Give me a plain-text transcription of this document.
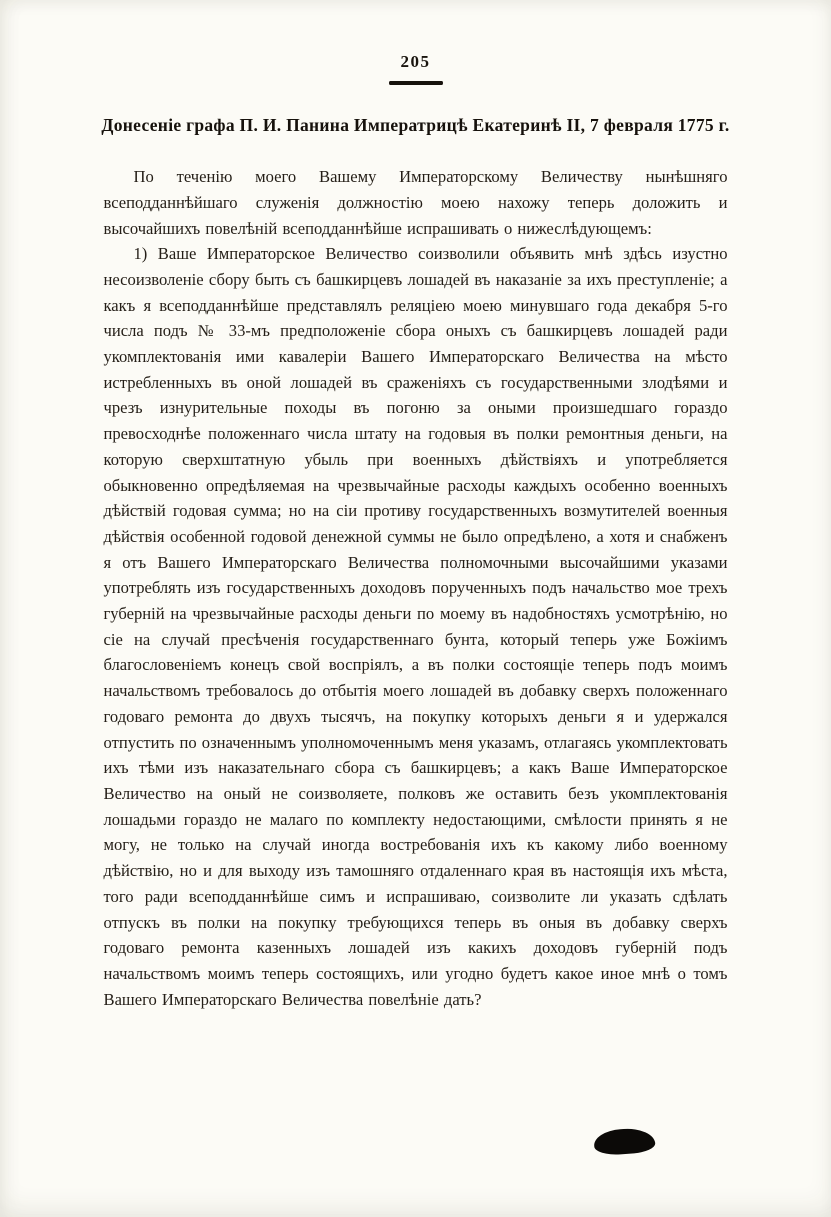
205
Донесеніе графа П. И. Панина Императрицѣ Екатеринѣ II, 7 февраля 1775 г.

По теченію моего Вашему Императорскому Величеству нынѣшняго всеподданнѣйшаго служенія должностію моею нахожу теперь доложить и высочайшихъ повелѣній всеподданнѣйше испрашивать о нижеслѣдующемъ:

1) Ваше Императорское Величество соизволили объявить мнѣ здѣсь изустно несоизволеніе сбору быть съ башкирцевъ лошадей въ наказаніе за ихъ преступленіе; а какъ я всеподданнѣйше представлялъ реляціею моею минувшаго года декабря 5-го числа подъ № 33-мъ предположеніе сбора оныхъ съ башкирцевъ лошадей ради укомплектованія ими кавалеріи Вашего Императорскаго Величества на мѣсто истребленныхъ въ оной лошадей въ сраженіяхъ съ государственными злодѣями и чрезъ изнурительные походы въ погоню за оными произшедшаго гораздо превосходнѣе положеннаго числа штату на годовыя въ полки ремонтныя деньги, на которую сверхштатную убыль при военныхъ дѣйствіяхъ и употребляется обыкновенно опредѣляемая на чрезвычайные расходы каждыхъ особенно военныхъ дѣйствій годовая сумма; но на сіи противу государственныхъ возмутителей военныя дѣйствія особенной годовой денежной суммы не было опредѣлено, а хотя и снабженъ я отъ Вашего Императорскаго Величества полномочными высочайшими указами употреблять изъ государственныхъ доходовъ порученныхъ подъ начальство мое трехъ губерній на чрезвычайные расходы деньги по моему въ надобностяхъ усмотрѣнію, но сіе на случай пресѣченія государственнаго бунта, который теперь уже Божіимъ благословеніемъ конецъ свой воспріялъ, а въ полки состоящіе теперь подъ моимъ начальствомъ требовалось до отбытія моего лошадей въ добавку сверхъ положеннаго годоваго ремонта до двухъ тысячъ, на покупку которыхъ деньги я и удержался отпустить по означеннымъ уполномоченнымъ меня указамъ, отлагаясь укомплектовать ихъ тѣми изъ наказательнаго сбора съ башкирцевъ; а какъ Ваше Императорское Величество на оный не соизволяете, полковъ же оставить безъ укомплектованія лошадьми гораздо не малаго по комплекту недостающими, смѣлости принять я не могу, не только на случай иногда востребованія ихъ къ какому либо военному дѣйствію, но и для выходу изъ тамошняго отдаленнаго края въ настоящія ихъ мѣста, того ради всеподданнѣйше симъ и испрашиваю, соизволите ли указать сдѣлать отпускъ въ полки на покупку требующихся теперь въ оныя въ добавку сверхъ годоваго ремонта казенныхъ лошадей изъ какихъ доходовъ губерній подъ начальствомъ моимъ теперь состоящихъ, или угодно будетъ какое иное мнѣ о томъ Вашего Императорскаго Величества повелѣніе дать?
